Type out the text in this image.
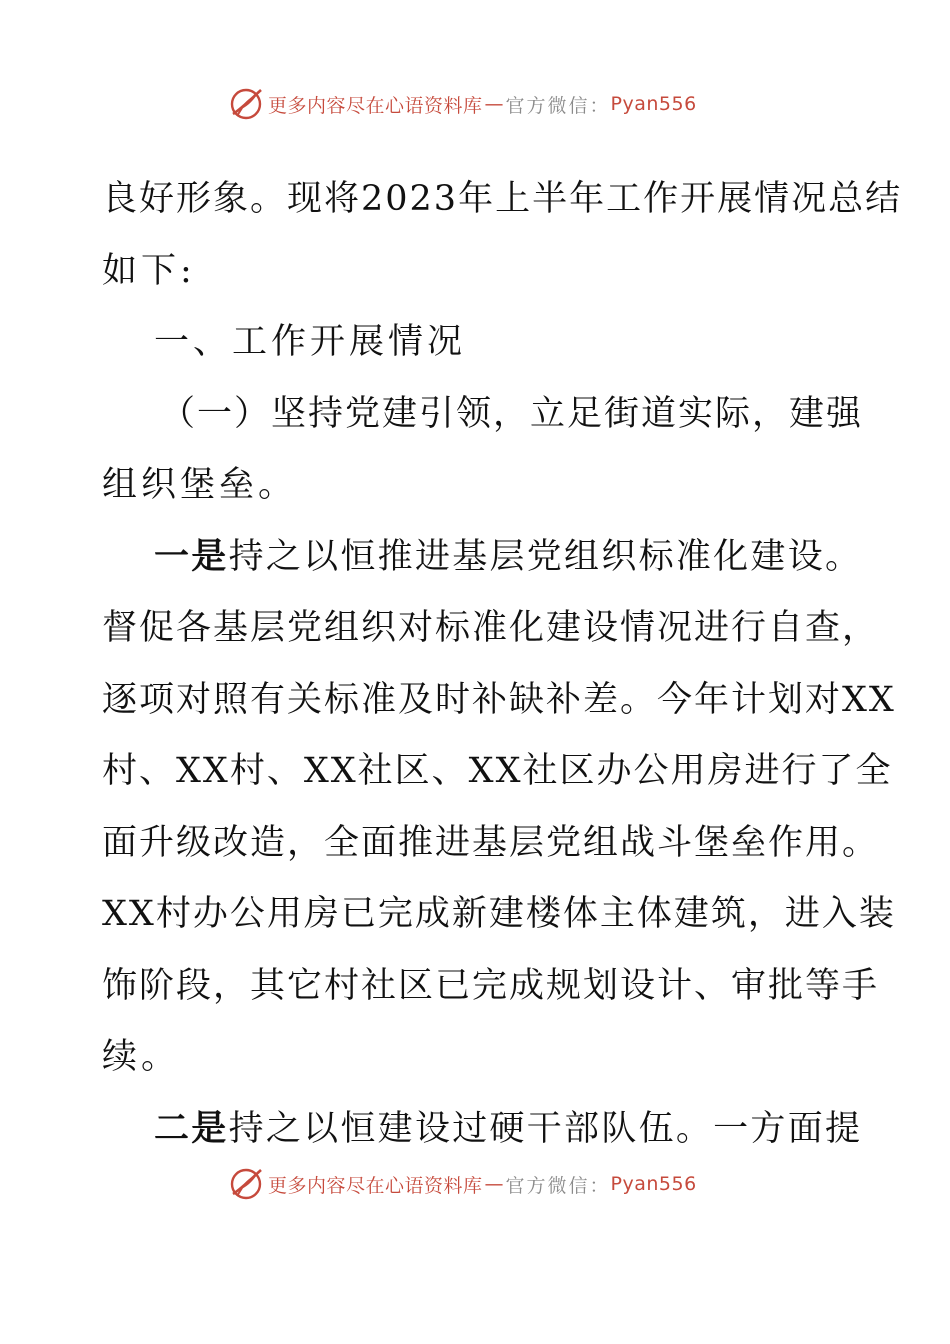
更多内容尽在心语资料库 — 官方微信： Pyan556
良好形象。现将2023年上半年工作开展情况总结
如下:
一、工作开展情况
（一）坚持党建引领，立足街道实际，建强
组织堡垒。
一是持之以恒推进基层党组织标准化建设。
督促各基层党组织对标准化建设情况进行自查，
逐项对照有关标准及时补缺补差。今年计划对XX
村、XX村、XX社区、XX社区办公用房进行了全
面升级改造，全面推进基层党组战斗堡垒作用。
XX村办公用房已完成新建楼体主体建筑，进入装
饰阶段，其它村社区已完成规划设计、审批等手
续。
二是持之以恒建设过硬干部队伍。一方面提
更多内容尽在心语资料库 — 官方微信： Pyan556
